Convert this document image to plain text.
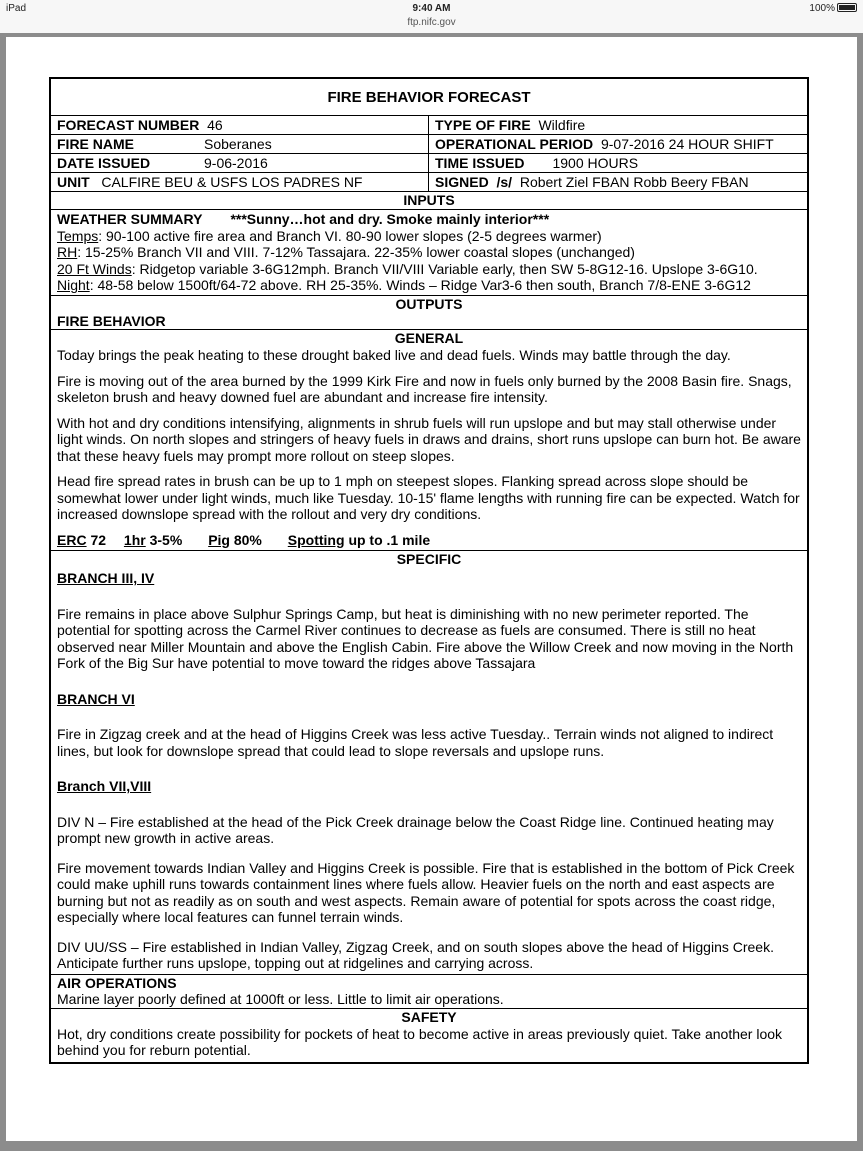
iPad	9:40 AM
ftp.nifc.gov
100%
FIRE BEHAVIOR FORECAST
FORECAST NUMBER 46	TYPE OF FIRE Wildfire
FIRE NAME	Soberanes	OPERATIONAL PERIOD 9-07-2016 24 HOUR SHIFT
DATE ISSUED	9-06-2016	TIME ISSUED 1900 HOURS
UNIT CALFIRE BEU & USFS LOS PADRES NF	SIGNED /s/ Robert Ziel FBAN Robb Beery FBAN
INPUTS
WEATHER SUMMARY ***Sunny…hot and dry. Smoke mainly interior***
Temps: 90-100 active fire area and Branch VI. 80-90 lower slopes (2-5 degrees warmer)
RH: 15-25% Branch VII and VIII. 7-12% Tassajara. 22-35% lower coastal slopes (unchanged)
20 Ft Winds: Ridgetop variable 3-6G12mph. Branch VII/VIII Variable early, then SW 5-8G12-16. Upslope 3-6G10.
Night: 48-58 below 1500ft/64-72 above. RH 25-35%. Winds – Ridge Var3-6 then south, Branch 7/8-ENE 3-6G12
OUTPUTS
FIRE BEHAVIOR
GENERAL

Today brings the peak heating to these drought baked live and dead fuels. Winds may battle through the day.

Fire is moving out of the area burned by the 1999 Kirk Fire and now in fuels only burned by the 2008 Basin fire. Snags, skeleton brush and heavy downed fuel are abundant and increase fire intensity.

With hot and dry conditions intensifying, alignments in shrub fuels will run upslope and but may stall otherwise under light winds. On north slopes and stringers of heavy fuels in draws and drains, short runs upslope can burn hot. Be aware that these heavy fuels may prompt more rollout on steep slopes.

Head fire spread rates in brush can be up to 1 mph on steepest slopes. Flanking spread across slope should be somewhat lower under light winds, much like Tuesday. 10-15' flame lengths with running fire can be expected. Watch for increased downslope spread with the rollout and very dry conditions.

ERC 72 1hr 3-5% Pig 80% Spotting up to .1 mile
SPECIFIC
BRANCH III, IV

Fire remains in place above Sulphur Springs Camp, but heat is diminishing with no new perimeter reported. The potential for spotting across the Carmel River continues to decrease as fuels are consumed. There is still no heat observed near Miller Mountain and above the English Cabin. Fire above the Willow Creek and now moving in the North Fork of the Big Sur have potential to move toward the ridges above Tassajara

BRANCH VI

Fire in Zigzag creek and at the head of Higgins Creek was less active Tuesday.. Terrain winds not aligned to indirect lines, but look for downslope spread that could lead to slope reversals and upslope runs.

Branch VII,VIII

DIV N – Fire established at the head of the Pick Creek drainage below the Coast Ridge line. Continued heating may prompt new growth in active areas.

Fire movement towards Indian Valley and Higgins Creek is possible. Fire that is established in the bottom of Pick Creek could make uphill runs towards containment lines where fuels allow. Heavier fuels on the north and east aspects are burning but not as readily as on south and west aspects. Remain aware of potential for spots across the coast ridge, especially where local features can funnel terrain winds.

DIV UU/SS – Fire established in Indian Valley, Zigzag Creek, and on south slopes above the head of Higgins Creek. Anticipate further runs upslope, topping out at ridgelines and carrying across.

AIR OPERATIONS
Marine layer poorly defined at 1000ft or less. Little to limit air operations.
SAFETY
Hot, dry conditions create possibility for pockets of heat to become active in areas previously quiet. Take another look behind you for reburn potential.
